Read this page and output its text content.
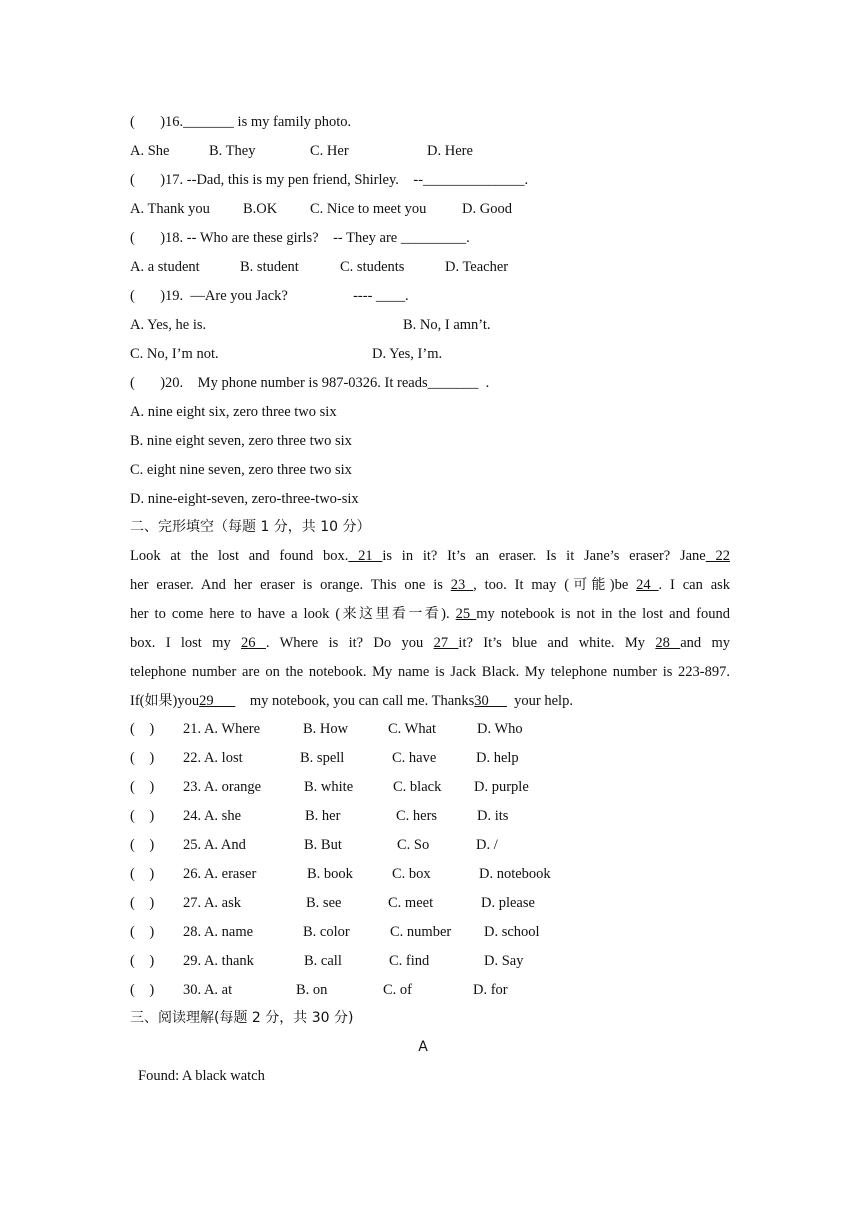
(       )16._______ is my family photo.
A. She	B. They	C. Her	D. Here
(       )17. --Dad, this is my pen friend, Shirley.    --______________.
A. Thank you B.OK C. Nice to meet you D. Good
(       )18. -- Who are these girls?    -- They are _________.
A. a student	B. student	C. students	D. Teacher
(       )19.  —Are you Jack?                  ---- ____.
A. Yes, he is.	B. No, I amn’t.
C. No, I’m not.	D. Yes, I’m.
(       )20.    My phone number is 987-0326. It reads_______  .
A. nine eight six, zero three two six
B. nine eight seven, zero three two six
C. eight nine seven, zero three two six
D. nine-eight-seven, zero-three-two-six
二、完形填空（每题 1 分，共 10 分）
Look at the lost and found box. 21 is in it? It’s an eraser. Is it Jane’s eraser? Jane 22
her eraser. And her eraser is orange. This one is 23 , too. It may (可能)be 24 . I can ask
her to come here to have a look (来这里看一看). 25 my notebook is not in the lost and found
box. I lost my 26 . Where is it? Do you 27 it? It’s blue and white. My 28 and my
telephone number are on the notebook. My name is Jack Black. My telephone number is 223-897.
If(如果)you29          my notebook, you can call me. Thanks30       your help.
(    ) 21. A. Where	B. How	C. What	D. Who
(    ) 22. A. lost	B. spell	C. have	D. help
(    ) 23. A. orange	B. white	C. black D. purple
(    ) 24. A. she	B. her	C. hers	D. its
(    ) 25. A. And	B. But	C. So	D. /
(    ) 26. A. eraser	B. book	C. box	D. notebook
(    ) 27. A. ask	B. see	C. meet	D. please
(    ) 28. A. name	B. color	C. number D. school
(    ) 29. A. thank	B. call	C. find	D. Say
(    ) 30. A. at	B. on	C. of	D. for
三、阅读理解(每题 2 分，共 30 分)
A
Found: A black watch
